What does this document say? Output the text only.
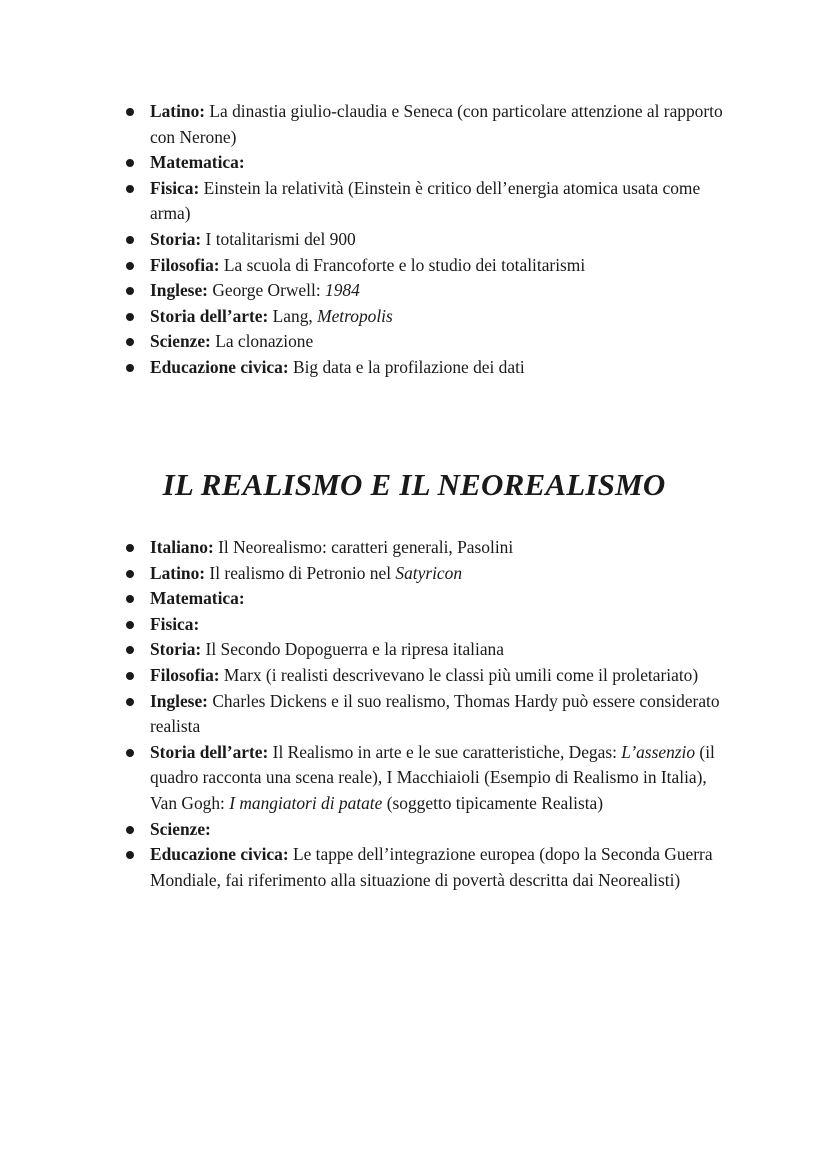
Latino: La dinastia giulio-claudia e Seneca (con particolare attenzione al rapporto con Nerone)
Matematica:
Fisica: Einstein la relatività (Einstein è critico dell’energia atomica usata come arma)
Storia: I totalitarismi del 900
Filosofia: La scuola di Francoforte e lo studio dei totalitarismi
Inglese: George Orwell: 1984
Storia dell’arte: Lang, Metropolis
Scienze: La clonazione
Educazione civica: Big data e la profilazione dei dati
IL REALISMO E IL NEOREALISMO
Italiano: Il Neorealismo: caratteri generali, Pasolini
Latino: Il realismo di Petronio nel Satyricon
Matematica:
Fisica:
Storia: Il Secondo Dopoguerra e la ripresa italiana
Filosofia: Marx (i realisti descrivevano le classi più umili come il proletariato)
Inglese: Charles Dickens e il suo realismo, Thomas Hardy può essere considerato realista
Storia dell’arte: Il Realismo in arte e le sue caratteristiche, Degas: L’assenzio (il quadro racconta una scena reale), I Macchiaioli (Esempio di Realismo in Italia), Van Gogh: I mangiatori di patate (soggetto tipicamente Realista)
Scienze:
Educazione civica: Le tappe dell’integrazione europea (dopo la Seconda Guerra Mondiale, fai riferimento alla situazione di povertà descritta dai Neorealisti)
